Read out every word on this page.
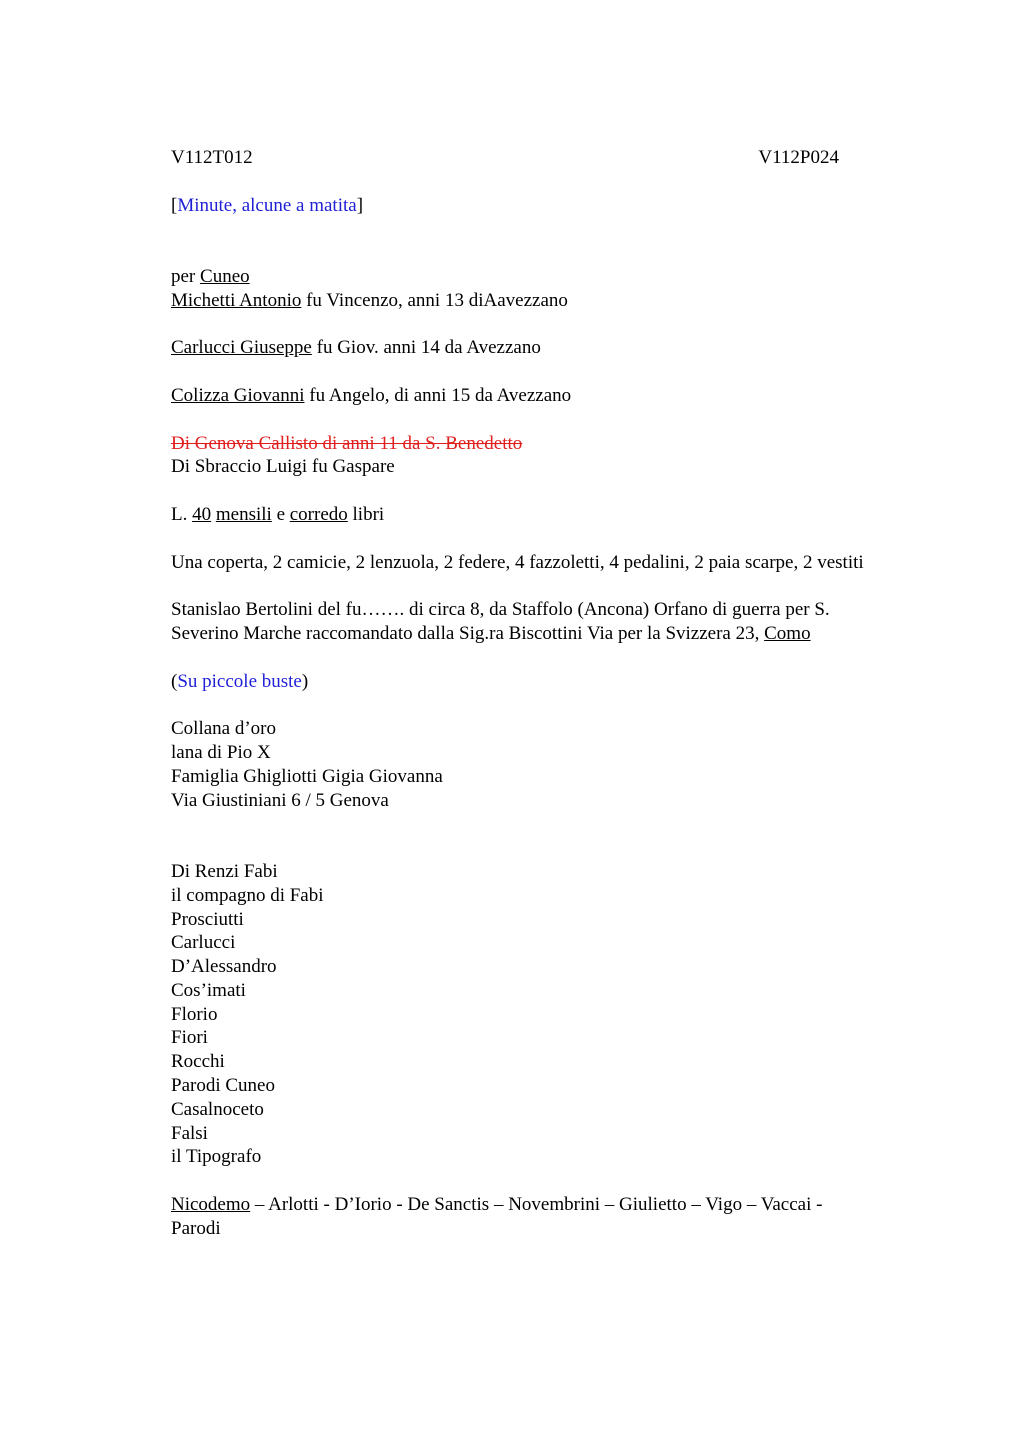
V112T012	V112P024
[Minute, alcune a matita]
per Cuneo
Michetti Antonio fu Vincenzo, anni 13 diAavezzano
Carlucci Giuseppe fu Giov. anni 14 da Avezzano
Colizza Giovanni fu Angelo, di anni 15 da Avezzano
Di Genova Callisto di anni 11 da S. Benedetto
Di Sbraccio Luigi fu Gaspare
L. 40 mensili e corredo libri
Una coperta, 2 camicie, 2 lenzuola, 2 federe, 4 fazzoletti, 4 pedalini, 2 paia scarpe, 2 vestiti
Stanislao Bertolini del fu……. di circa 8, da Staffolo (Ancona) Orfano di guerra per S.
Severino Marche raccomandato dalla Sig.ra Biscottini Via per la Svizzera 23, Como
(Su piccole buste)
Collana d’oro
lana di Pio X
Famiglia Ghigliotti Gigia Giovanna
Via Giustiniani 6 / 5 Genova
Di Renzi Fabi
il compagno di Fabi
Prosciutti
Carlucci
D’Alessandro
Cos’imati
Florio
Fiori
Rocchi
Parodi Cuneo
Casalnoceto
Falsi
il Tipografo
Nicodemo – Arlotti - D’Iorio - De Sanctis – Novembrini – Giulietto – Vigo – Vaccai -
Parodi
